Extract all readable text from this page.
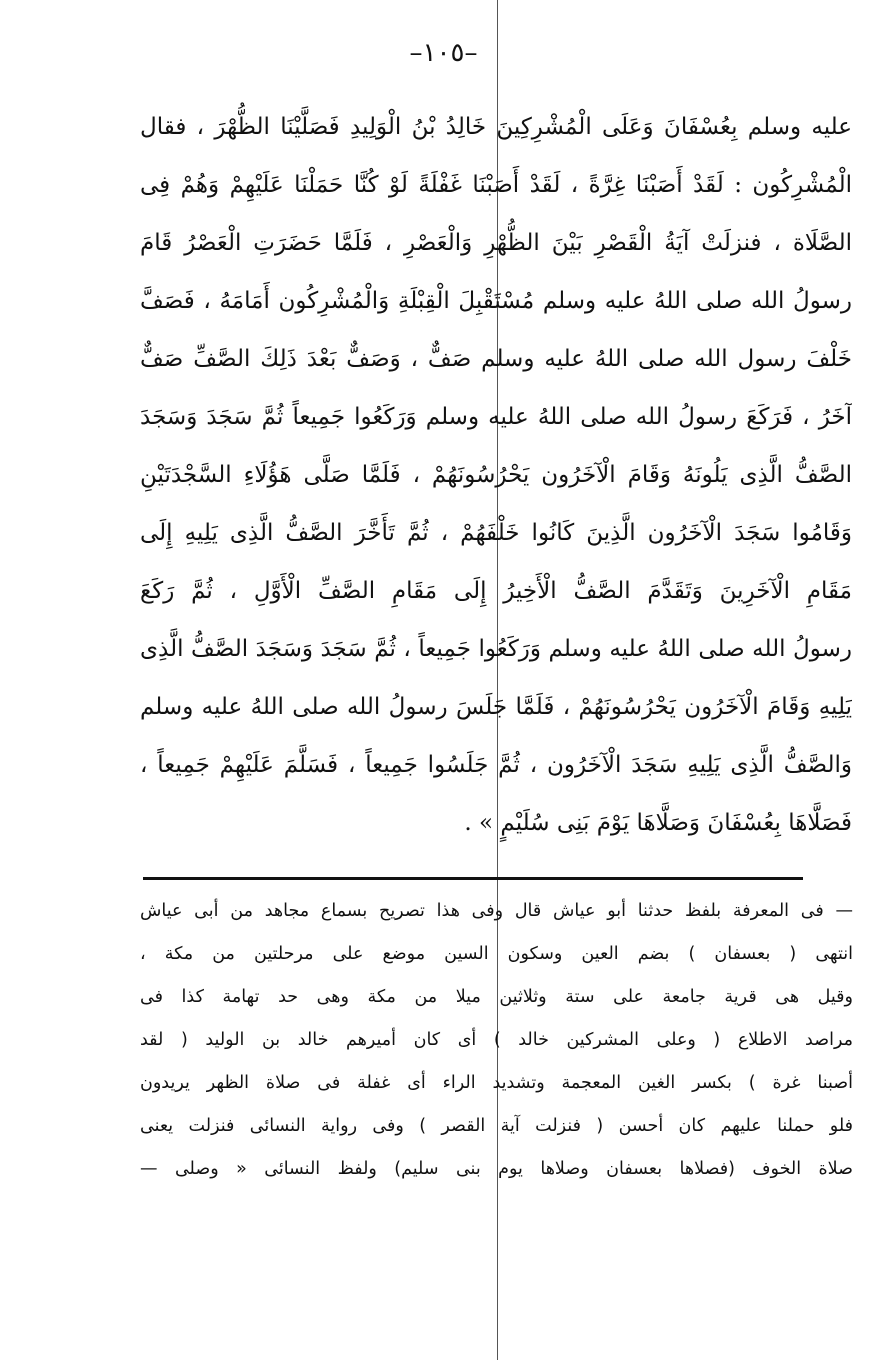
–١٠٥–
عليه وسلم بِعُسْفَانَ وَعَلَى الْمُشْرِكِينَ خَالِدُ بْنُ الْوَلِيدِ فَصَلَّيْنَا الظُّهْرَ ، فقال
الْمُشْرِكُون : لَقَدْ أَصَبْنَا غِرَّةً ، لَقَدْ أَصَبْنَا غَفْلَةً لَوْ كُنَّا حَمَلْنَا عَلَيْهِمْ وَهُمْ فِى
الصَّلَاة ، فنزلَتْ آيَةُ الْقَصْرِ بَيْنَ الظُّهْرِ وَالْعَصْرِ ، فَلَمَّا حَضَرَتِ الْعَصْرُ قَامَ
رسولُ الله صلى اللهُ عليه وسلم مُسْتَقْبِلَ الْقِبْلَةِ وَالْمُشْرِكُون أَمَامَهُ ، فَصَفَّ
خَلْفَ رسول الله صلى اللهُ عليه وسلم صَفٌّ ، وَصَفٌّ بَعْدَ ذَلِكَ الصَّفِّ صَفٌّ
آخَرُ ، فَرَكَعَ رسولُ الله صلى اللهُ عليه وسلم وَرَكَعُوا جَمِيعاً ثُمَّ سَجَدَ وَسَجَدَ
الصَّفُّ الَّذِى يَلُونَهُ وَقَامَ الْآخَرُون يَحْرُسُونَهُمْ ، فَلَمَّا صَلَّى هَؤُلَاءِ السَّجْدَتَيْنِ
وَقَامُوا سَجَدَ الْآخَرُون الَّذِينَ كَانُوا خَلْفَهُمْ ، ثُمَّ تَأَخَّرَ الصَّفُّ الَّذِى يَلِيهِ إِلَى
مَقَامِ الْآخَرِينَ وَتَقَدَّمَ الصَّفُّ الْأَخِيرُ إِلَى مَقَامِ الصَّفِّ الْأَوَّلِ ، ثُمَّ رَكَعَ
رسولُ الله صلى اللهُ عليه وسلم وَرَكَعُوا جَمِيعاً ، ثُمَّ سَجَدَ وَسَجَدَ الصَّفُّ الَّذِى
يَلِيهِ وَقَامَ الْآخَرُون يَحْرُسُونَهُمْ ، فَلَمَّا جَلَسَ رسولُ الله صلى اللهُ عليه وسلم
وَالصَّفُّ الَّذِى يَلِيهِ سَجَدَ الْآخَرُون ، ثُمَّ جَلَسُوا جَمِيعاً ، فَسَلَّمَ عَلَيْهِمْ جَمِيعاً ،
فَصَلَّاهَا بِعُسْفَانَ وَصَلَّاهَا يَوْمَ بَنِى سُلَيْمٍ » .
— فى المعرفة بلفظ حدثنا أبو عياش قال وفى هذا تصريح بسماع مجاهد من أبى عياش
انتهى ( بعسفان ) بضم العين وسكون السين موضع على مرحلتين من مكة ،
وقيل هى قرية جامعة على ستة وثلاثين ميلا من مكة وهى حد تهامة كذا فى
مراصد الاطلاع ( وعلى المشركين خالد ) أى كان أميرهم خالد بن الوليد ( لقد
أصبنا غرة ) بكسر الغين المعجمة وتشديد الراء أى غفلة فى صلاة الظهر يريدون
فلو حملنا عليهم كان أحسن ( فنزلت آية القصر ) وفى رواية النسائى فنزلت يعنى
صلاة الخوف (فصلاها بعسفان وصلاها يوم بنى سليم) ولفظ النسائى « وصلى —
